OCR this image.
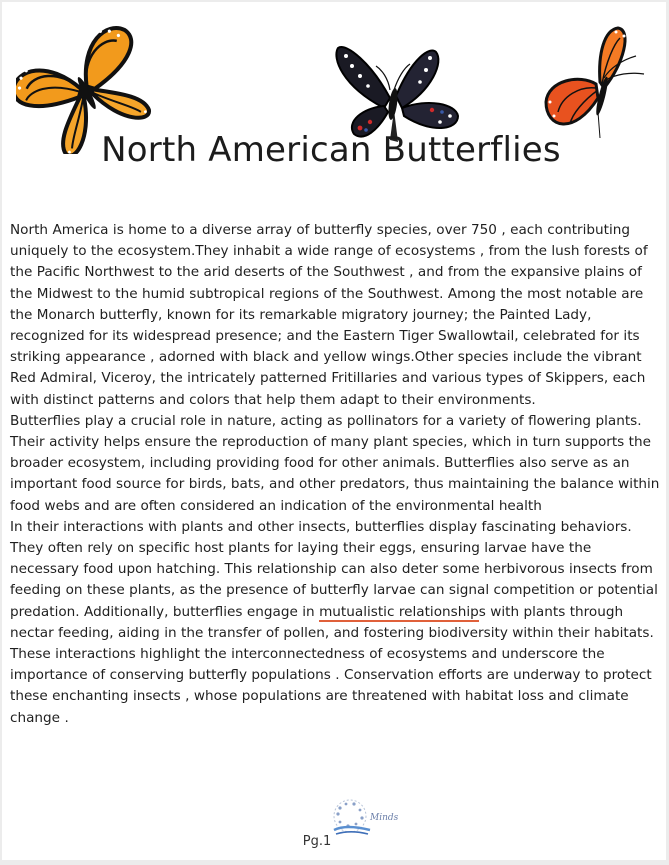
North American Butterflies

North America is home to a diverse array of butterfly species, over 750 , each contributing uniquely to the ecosystem.They inhabit a wide range of ecosystems , from the lush forests of the Pacific Northwest to the arid deserts of the Southwest , and from the expansive plains of the Midwest to the humid subtropical regions of the Southwest. Among the most notable are the Monarch butterfly, known for its remarkable migratory journey; the Painted Lady, recognized for its widespread presence; and the Eastern Tiger Swallowtail, celebrated for its striking appearance , adorned with black and yellow wings.Other species include the vibrant Red Admiral, Viceroy, the intricately patterned Fritillaries and various types of Skippers, each with distinct patterns and colors that help them adapt to their environments.

Butterflies play a crucial role in nature, acting as pollinators for a variety of flowering plants. Their activity helps ensure the reproduction of many plant species, which in turn supports the broader ecosystem, including providing food for other animals. Butterflies also serve as an important food source for birds, bats, and other predators, thus maintaining the balance within food webs and are often considered an indication of the environmental health

In their interactions with plants and other insects, butterflies display fascinating behaviors. They often rely on specific host plants for laying their eggs, ensuring larvae have the necessary food upon hatching. This relationship can also deter some herbivorous insects from feeding on these plants, as the presence of butterfly larvae can signal competition or potential predation. Additionally, butterflies engage in mutualistic relationships with plants through nectar feeding, aiding in the transfer of pollen, and fostering biodiversity within their habitats. These interactions highlight the interconnectedness of ecosystems and underscore the importance of conserving butterfly populations . Conservation efforts are underway to protect these enchanting insects , whose populations are threatened with habitat loss and climate change .

Minds
Pg.1
